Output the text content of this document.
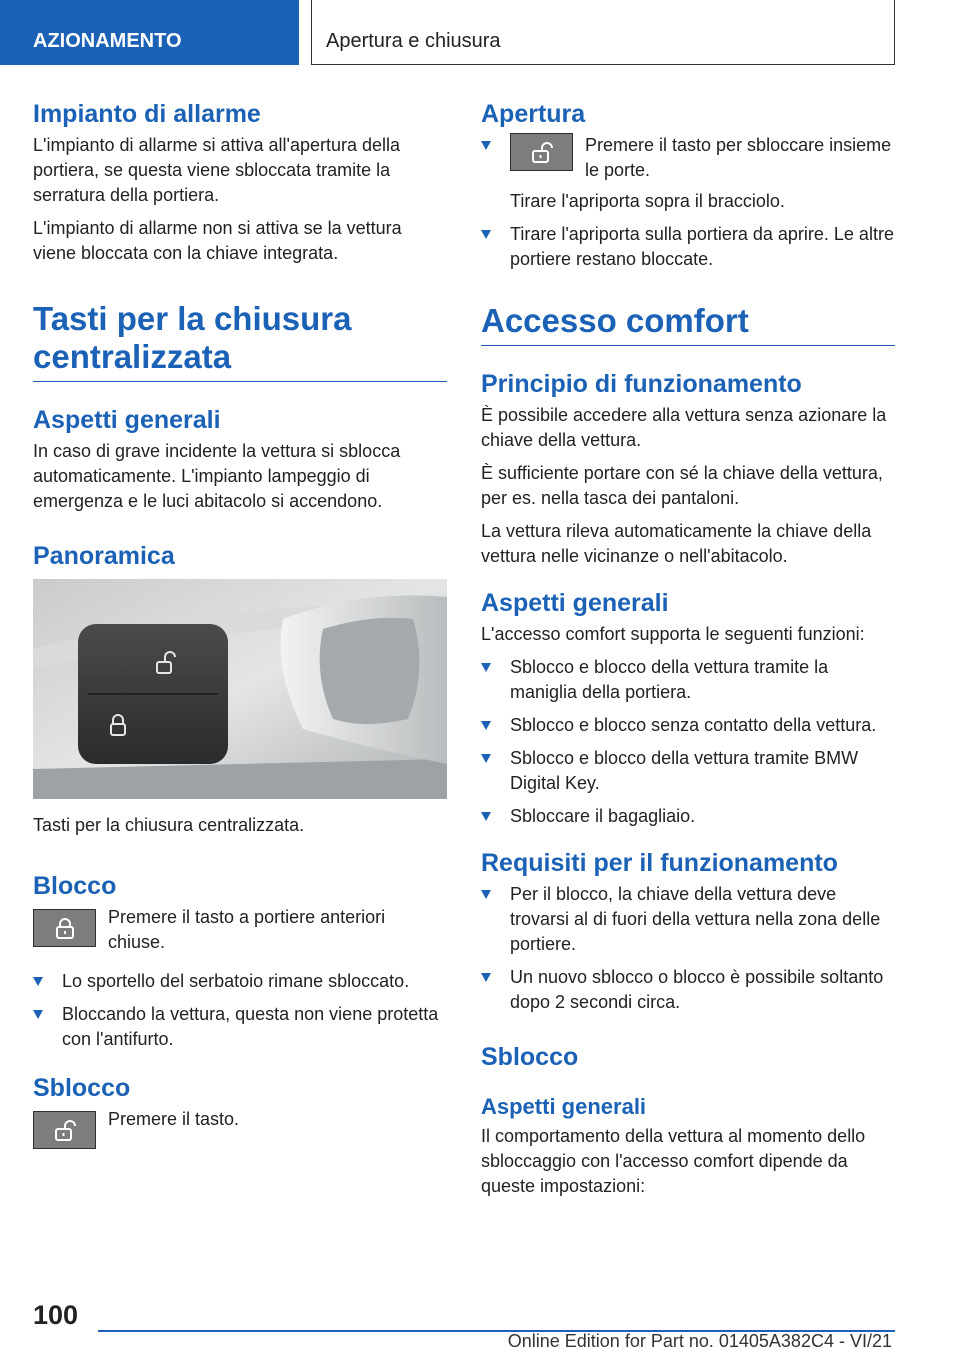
AZIONAMENTO	Apertura e chiusura
Impianto di allarme

L'impianto di allarme si attiva all'apertura della portiera, se questa viene sbloccata tramite la serratura della portiera.

L'impianto di allarme non si attiva se la vettura viene bloccata con la chiave integrata.

Tasti per la chiusura centralizzata
Aspetti generali

In caso di grave incidente la vettura si sblocca automaticamente. L'impianto lampeggio di emergenza e le luci abitacolo si accendono.

Panoramica
Tasti per la chiusura centralizzata.
Blocco

Premere il tasto a portiere anteriori chiuse.

Lo sportello del serbatoio rimane sbloccato.
Bloccando la vettura, questa non viene protetta con l'antifurto.
Sblocco

Premere il tasto.

Apertura
Premere il tasto per sbloccare insieme le porte.
Tirare l'apriporta sopra il bracciolo.
Tirare l'apriporta sulla portiera da aprire. Le altre portiere restano bloccate.
Accesso comfort
Principio di funzionamento

È possibile accedere alla vettura senza azionare la chiave della vettura.

È sufficiente portare con sé la chiave della vettura, per es. nella tasca dei pantaloni.

La vettura rileva automaticamente la chiave della vettura nelle vicinanze o nell'abitacolo.

Aspetti generali

L'accesso comfort supporta le seguenti funzioni:

Sblocco e blocco della vettura tramite la maniglia della portiera.
Sblocco e blocco senza contatto della vettura.
Sblocco e blocco della vettura tramite BMW Digital Key.
Sbloccare il bagagliaio.
Requisiti per il funzionamento
Per il blocco, la chiave della vettura deve trovarsi al di fuori della vettura nella zona delle portiere.
Un nuovo sblocco o blocco è possibile soltanto dopo 2 secondi circa.
Sblocco
Aspetti generali

Il comportamento della vettura al momento dello sbloccaggio con l'accesso comfort dipende da queste impostazioni:

100
Online Edition for Part no. 01405A382C4 - VI/21
